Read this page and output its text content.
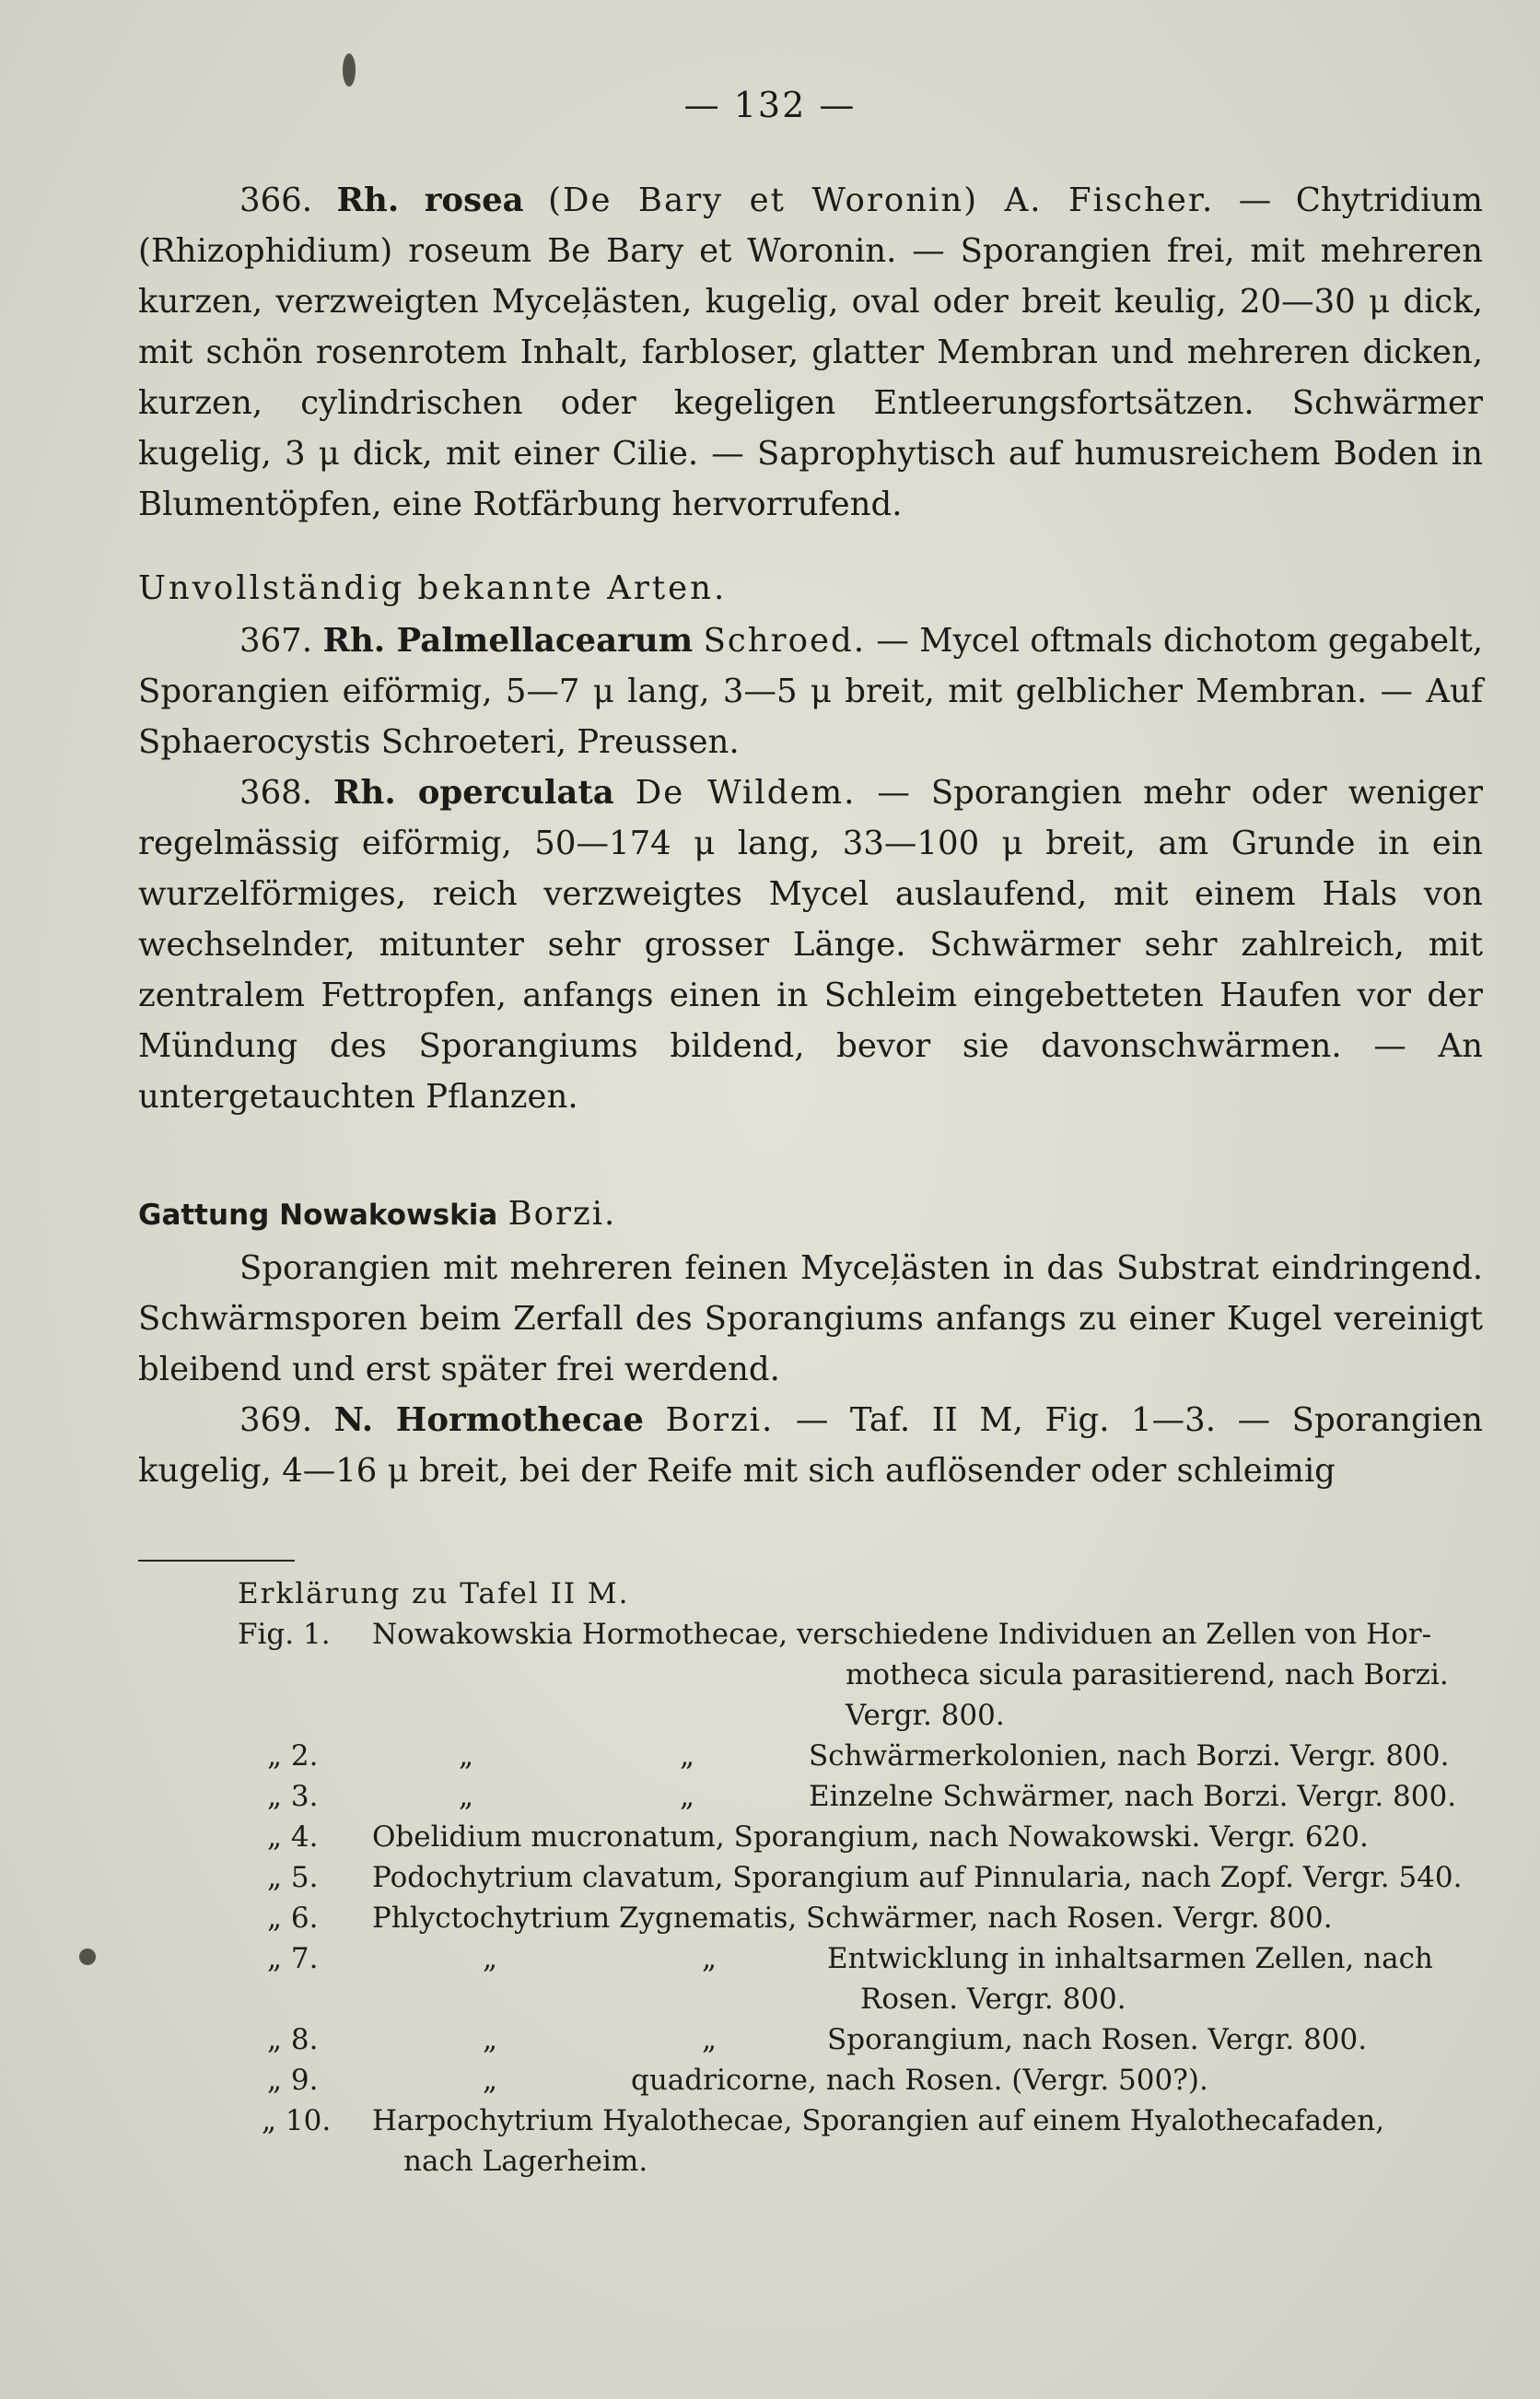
— 132 —

366. Rh. rosea (De Bary et Woronin) A. Fischer. — Chytridium (Rhizophidium) roseum Be Bary et Woronin. — Sporangien frei, mit mehreren kurzen, verzweigten Myceļästen, kugelig, oval oder breit keulig, 20—30 μ dick, mit schön rosenrotem Inhalt, farbloser, glatter Membran und mehreren dicken, kurzen, cylindrischen oder kegeligen Entleerungsfortsätzen. Schwärmer kugelig, 3 μ dick, mit einer Cilie. — Saprophytisch auf humusreichem Boden in Blumentöpfen, eine Rotfärbung hervorrufend.

Unvollständig bekannte Arten.

367. Rh. Palmellacearum Schroed. — Mycel oftmals dichotom gegabelt, Sporangien eiförmig, 5—7 μ lang, 3—5 μ breit, mit gelblicher Membran. — Auf Sphaerocystis Schroeteri, Preussen.

368. Rh. operculata De Wildem. — Sporangien mehr oder weniger regelmässig eiförmig, 50—174 μ lang, 33—100 μ breit, am Grunde in ein wurzelförmiges, reich verzweigtes Mycel auslaufend, mit einem Hals von wechselnder, mitunter sehr grosser Länge. Schwärmer sehr zahlreich, mit zentralem Fettropfen, anfangs einen in Schleim eingebetteten Haufen vor der Mündung des Sporangiums bildend, bevor sie davonschwärmen. — An untergetauchten Pflanzen.

Gattung Nowakowskia Borzi.

Sporangien mit mehreren feinen Myceļästen in das Substrat eindringend. Schwärmsporen beim Zerfall des Sporangiums anfangs zu einer Kugel vereinigt bleibend und erst später frei werdend.

369. N. Hormothecae Borzi. — Taf. II M, Fig. 1—3. — Sporangien kugelig, 4—16 μ breit, bei der Reife mit sich auflösender oder schleimig

Erklärung zu Tafel II M.
Fig. 1. Nowakowskia Hormothecae, verschiedene Individuen an Zellen von Hor-
motheca sicula parasitierend, nach Borzi.
Vergr. 800.
„ 2.	„	„	Schwärmerkolonien, nach Borzi. Vergr. 800.
„ 3.	„	„	Einzelne Schwärmer, nach Borzi. Vergr. 800.
„ 4. Obelidium mucronatum, Sporangium, nach Nowakowski. Vergr. 620.
„ 5. Podochytrium clavatum, Sporangium auf Pinnularia, nach Zopf. Vergr. 540.
„ 6. Phlyctochytrium Zygnematis, Schwärmer, nach Rosen. Vergr. 800.
„ 7.	„	„	Entwicklung in inhaltsarmen Zellen, nach
Rosen. Vergr. 800.
„ 8.	„	„	Sporangium, nach Rosen. Vergr. 800.
„ 9.	„	quadricorne, nach Rosen. (Vergr. 500?).
„ 10. Harpochytrium Hyalothecae, Sporangien auf einem Hyalothecafaden,
nach Lagerheim.
